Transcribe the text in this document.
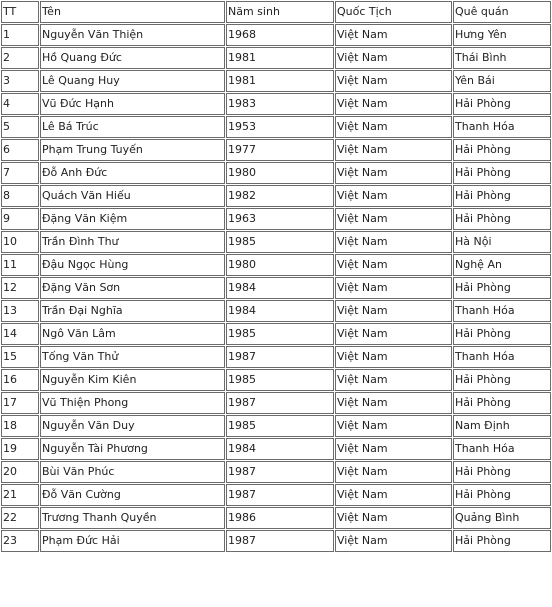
TT	Tên	Năm sinh	Quốc Tịch	Quê quán
1	Nguyễn Văn Thiện	1968	Việt Nam	Hưng Yên
2	Hồ Quang Đức	1981	Việt Nam	Thái Bình
3	Lê Quang Huy	1981	Việt Nam	Yên Bái
4	Vũ Đức Hạnh	1983	Việt Nam	Hải Phòng
5	Lê Bá Trúc	1953	Việt Nam	Thanh Hóa
6	Phạm Trung Tuyến	1977	Việt Nam	Hải Phòng
7	Đỗ Anh Đức	1980	Việt Nam	Hải Phòng
8	Quách Văn Hiếu	1982	Việt Nam	Hải Phòng
9	Đặng Văn Kiệm	1963	Việt Nam	Hải Phòng
10	Trần Đình Thư	1985	Việt Nam	Hà Nội
11	Đậu Ngọc Hùng	1980	Việt Nam	Nghệ An
12	Đặng Văn Sơn	1984	Việt Nam	Hải Phòng
13	Trần Đại Nghĩa	1984	Việt Nam	Thanh Hóa
14	Ngô Văn Lâm	1985	Việt Nam	Hải Phòng
15	Tống Văn Thử	1987	Việt Nam	Thanh Hóa
16	Nguyễn Kim Kiên	1985	Việt Nam	Hải Phòng
17	Vũ Thiện Phong	1987	Việt Nam	Hải Phòng
18	Nguyễn Văn Duy	1985	Việt Nam	Nam Định
19	Nguyễn Tài Phương	1984	Việt Nam	Thanh Hóa
20	Bùi Văn Phúc	1987	Việt Nam	Hải Phòng
21	Đỗ Văn Cường	1987	Việt Nam	Hải Phòng
22	Trương Thanh Quyền	1986	Việt Nam	Quảng Bình
23	Phạm Đức Hải	1987	Việt Nam	Hải Phòng
